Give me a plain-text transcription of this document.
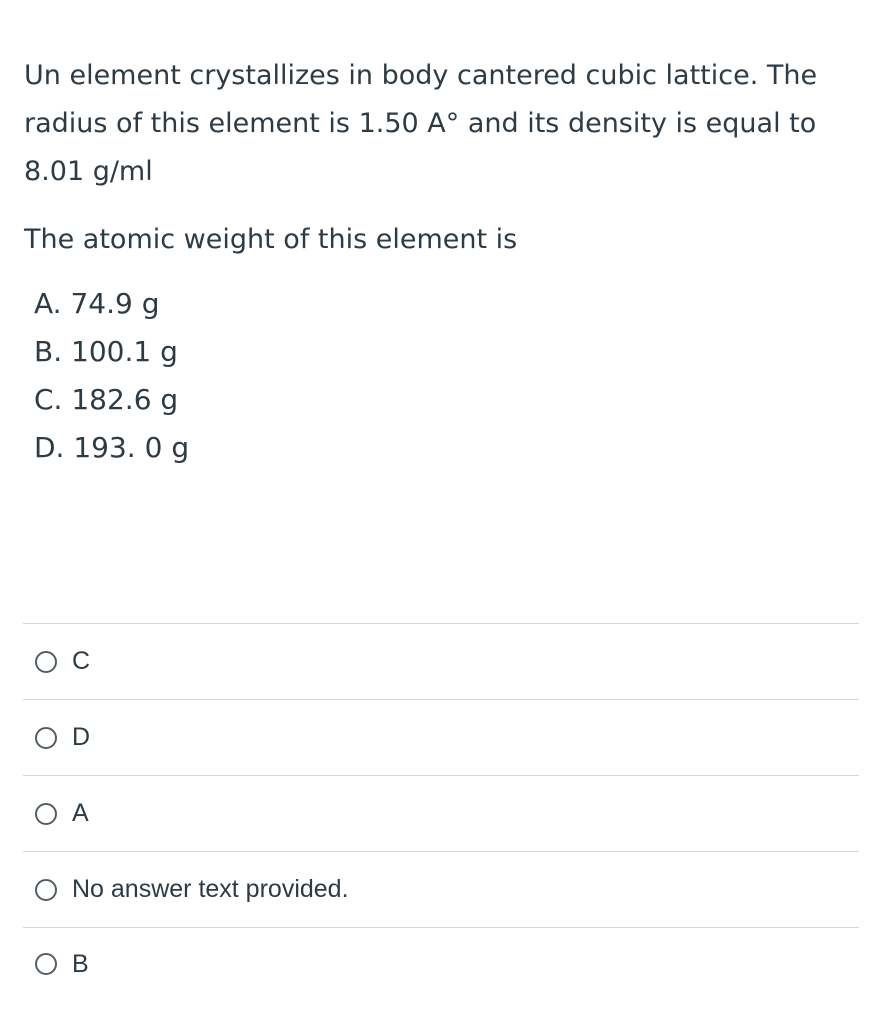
Un element crystallizes in body cantered cubic lattice. The radius of this element is 1.50 A° and its density is equal to 8.01 g/ml

The atomic weight of this element is

A. 74.9 g
B. 100.1 g
C. 182.6 g
D. 193. 0 g
C
D
A
No answer text provided.
B
